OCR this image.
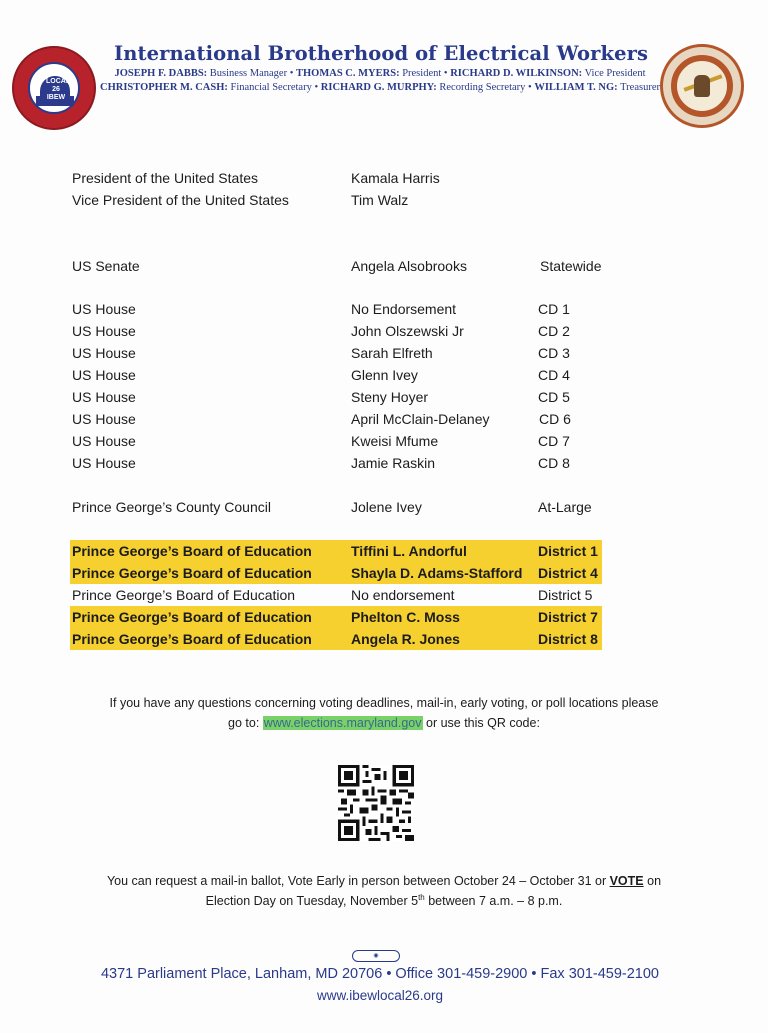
LOCAL 26 IBEW
International Brotherhood of Electrical Workers
JOSEPH F. DABBS: Business Manager • THOMAS C. MYERS: President • RICHARD D. WILKINSON: Vice President
CHRISTOPHER M. CASH: Financial Secretary • RICHARD G. MURPHY: Recording Secretary • WILLIAM T. NG: Treasurer
President of the United States	Kamala Harris
Vice President of the United States	Tim Walz
US Senate	Angela Alsobrooks	Statewide
US House	No Endorsement	CD 1
US House	John Olszewski Jr	CD 2
US House	Sarah Elfreth	CD 3
US House	Glenn Ivey	CD 4
US House	Steny Hoyer	CD 5
US House	April McClain-Delaney	CD 6
US House	Kweisi Mfume	CD 7
US House	Jamie Raskin	CD 8
Prince George’s County Council	Jolene Ivey	At-Large
Prince George’s Board of Education	Tiffini L. Andorful	District 1
Prince George’s Board of Education	Shayla D. Adams-Stafford District 4
Prince George’s Board of Education	No endorsement	District 5
Prince George’s Board of Education	Phelton C. Moss	District 7
Prince George’s Board of Education	Angela R. Jones	District 8
If you have any questions concerning voting deadlines, mail-in, early voting, or poll locations please
go to: www.elections.maryland.gov or use this QR code:
You can request a mail-in ballot, Vote Early in person between October 24 – October 31 or VOTE on
Election Day on Tuesday, November 5th between 7 a.m. – 8 p.m.
◉
4371 Parliament Place, Lanham, MD 20706 • Office 301-459-2900 • Fax 301-459-2100
www.ibewlocal26.org
